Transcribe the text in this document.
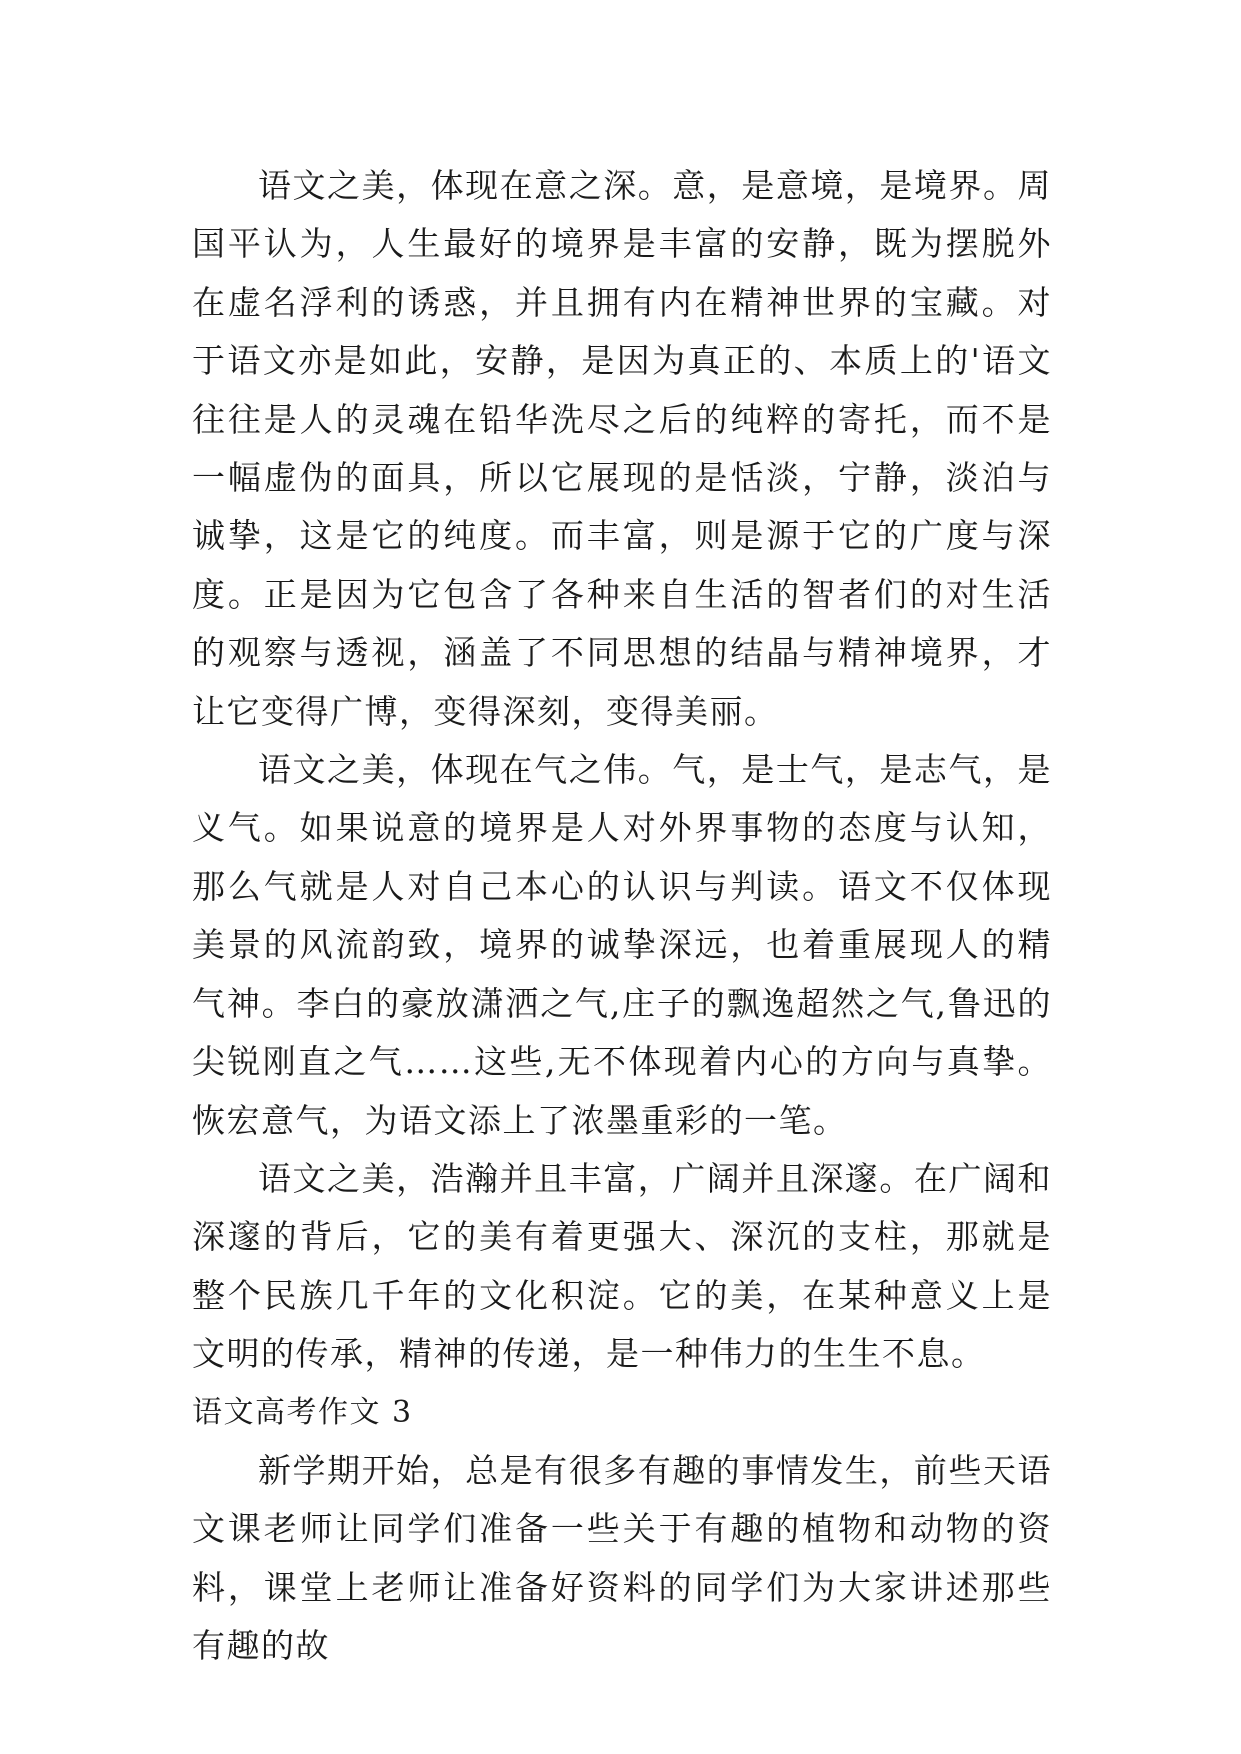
语文之美，体现在意之深。意，是意境，是境界。周国平认为，人生最好的境界是丰富的安静，既为摆脱外在虚名浮利的诱惑，并且拥有内在精神世界的宝藏。对于语文亦是如此，安静，是因为真正的、本质上的'语文往往是人的灵魂在铅华洗尽之后的纯粹的寄托，而不是一幅虚伪的面具，所以它展现的是恬淡，宁静，淡泊与诚挚，这是它的纯度。而丰富，则是源于它的广度与深度。正是因为它包含了各种来自生活的智者们的对生活的观察与透视，涵盖了不同思想的结晶与精神境界，才让它变得广博，变得深刻，变得美丽。

语文之美，体现在气之伟。气，是士气，是志气，是义气。如果说意的境界是人对外界事物的态度与认知，那么气就是人对自己本心的认识与判读。语文不仅体现美景的风流韵致，境界的诚挚深远，也着重展现人的精气神。李白的豪放潇洒之气,庄子的飘逸超然之气,鲁迅的尖锐刚直之气……这些,无不体现着内心的方向与真挚。恢宏意气，为语文添上了浓墨重彩的一笔。

语文之美，浩瀚并且丰富，广阔并且深邃。在广阔和深邃的背后，它的美有着更强大、深沉的支柱，那就是整个民族几千年的文化积淀。它的美，在某种意义上是文明的传承，精神的传递，是一种伟力的生生不息。

语文高考作文 3

新学期开始，总是有很多有趣的事情发生，前些天语文课老师让同学们准备一些关于有趣的植物和动物的资料，课堂上老师让准备好资料的同学们为大家讲述那些有趣的故
